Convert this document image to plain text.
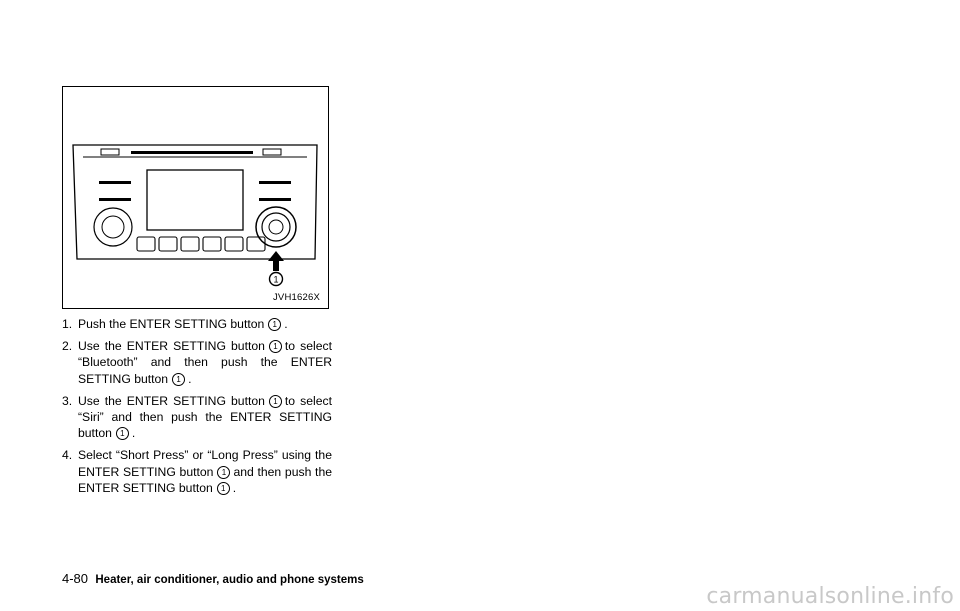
1
JVH1626X
1. Push the ENTER SETTING button 1 .
2. Use the ENTER SETTING button 1 to select “Bluetooth” and then push the ENTER SETTING button 1 .
3. Use the ENTER SETTING button 1 to select “Siri” and then push the ENTER SETTING button 1 .
4. Select “Short Press” or “Long Press” using the ENTER SETTING button 1 and then push the ENTER SETTING button 1 .
4-80 Heater, air conditioner, audio and phone systems
carmanualsonline.info
